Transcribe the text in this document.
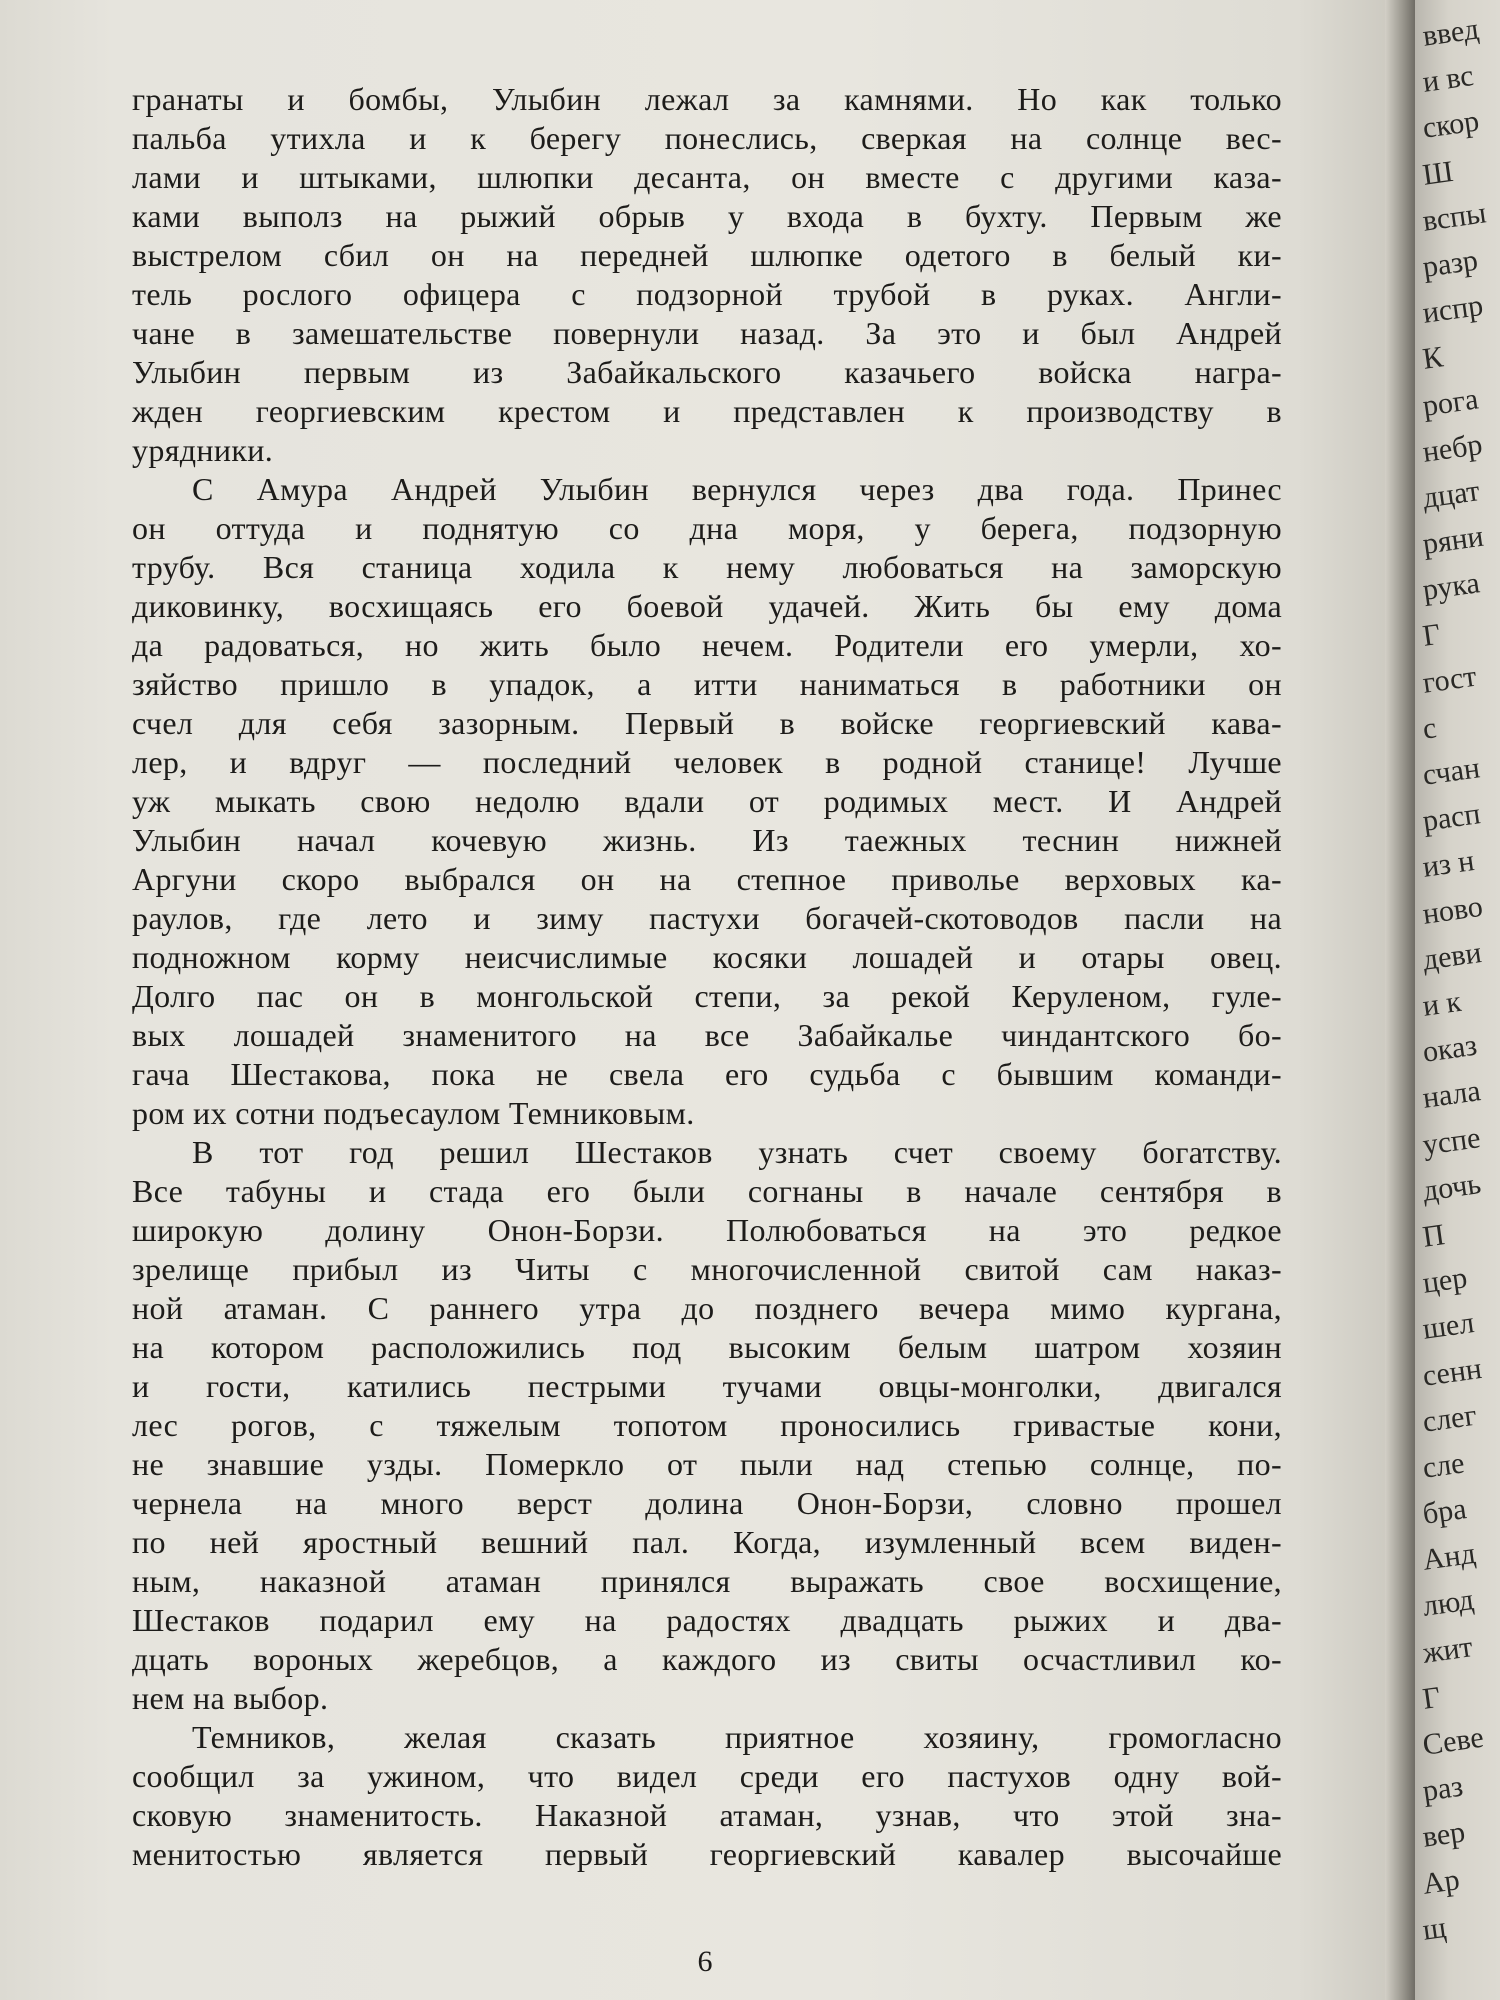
гранаты и бомбы, Улыбин лежал за камнями. Но как только
пальба утихла и к берегу понеслись, сверкая на солнце вес-
лами и штыками, шлюпки десанта, он вместе с другими каза-
ками выполз на рыжий обрыв у входа в бухту. Первым же
выстрелом сбил он на передней шлюпке одетого в белый ки-
тель рослого офицера с подзорной трубой в руках. Англи-
чане в замешательстве повернули назад. За это и был Андрей
Улыбин первым из Забайкальского казачьего войска награ-
жден георгиевским крестом и представлен к производству в
урядники.
С Амура Андрей Улыбин вернулся через два года. Принес
он оттуда и поднятую со дна моря, у берега, подзорную
трубу. Вся станица ходила к нему любоваться на заморскую
диковинку, восхищаясь его боевой удачей. Жить бы ему дома
да радоваться, но жить было нечем. Родители его умерли, хо-
зяйство пришло в упадок, а итти наниматься в работники он
счел для себя зазорным. Первый в войске георгиевский кава-
лер, и вдруг — последний человек в родной станице! Лучше
уж мыкать свою недолю вдали от родимых мест. И Андрей
Улыбин начал кочевую жизнь. Из таежных теснин нижней
Аргуни скоро выбрался он на степное приволье верховых ка-
раулов, где лето и зиму пастухи богачей-скотоводов пасли на
подножном корму неисчислимые косяки лошадей и отары овец.
Долго пас он в монгольской степи, за рекой Керуленом, гуле-
вых лошадей знаменитого на все Забайкалье чиндантского бо-
гача Шестакова, пока не свела его судьба с бывшим команди-
ром их сотни подъесаулом Темниковым.
В тот год решил Шестаков узнать счет своему богатству.
Все табуны и стада его были согнаны в начале сентября в
широкую долину Онон-Борзи. Полюбоваться на это редкое
зрелище прибыл из Читы с многочисленной свитой сам наказ-
ной атаман. С раннего утра до позднего вечера мимо кургана,
на котором расположились под высоким белым шатром хозяин
и гости, катились пестрыми тучами овцы-монголки, двигался
лес рогов, с тяжелым топотом проносились гривастые кони,
не знавшие узды. Померкло от пыли над степью солнце, по-
чернела на много верст долина Онон-Борзи, словно прошел
по ней яростный вешний пал. Когда, изумленный всем виден-
ным, наказной атаман принялся выражать свое восхищение,
Шестаков подарил ему на радостях двадцать рыжих и два-
дцать вороных жеребцов, а каждого из свиты осчастливил ко-
нем на выбор.
Темников, желая сказать приятное хозяину, громогласно
сообщил за ужином, что видел среди его пастухов одну вой-
сковую знаменитость. Наказной атаман, узнав, что этой зна-
менитостью является первый георгиевский кавалер высочайше
6
введ
и вс
скор
Ш
вспы
разр
испр
К
рога
небр
дцат
ряни
рука
Г
гост
с
счан
расп
из н
ново
деви
и к
оказ
нала
успе
дочь
П
цер
шел
сенн
слег
сле
бра
Анд
люд
жит
Г
Севе
раз
вер
Ар
щ
